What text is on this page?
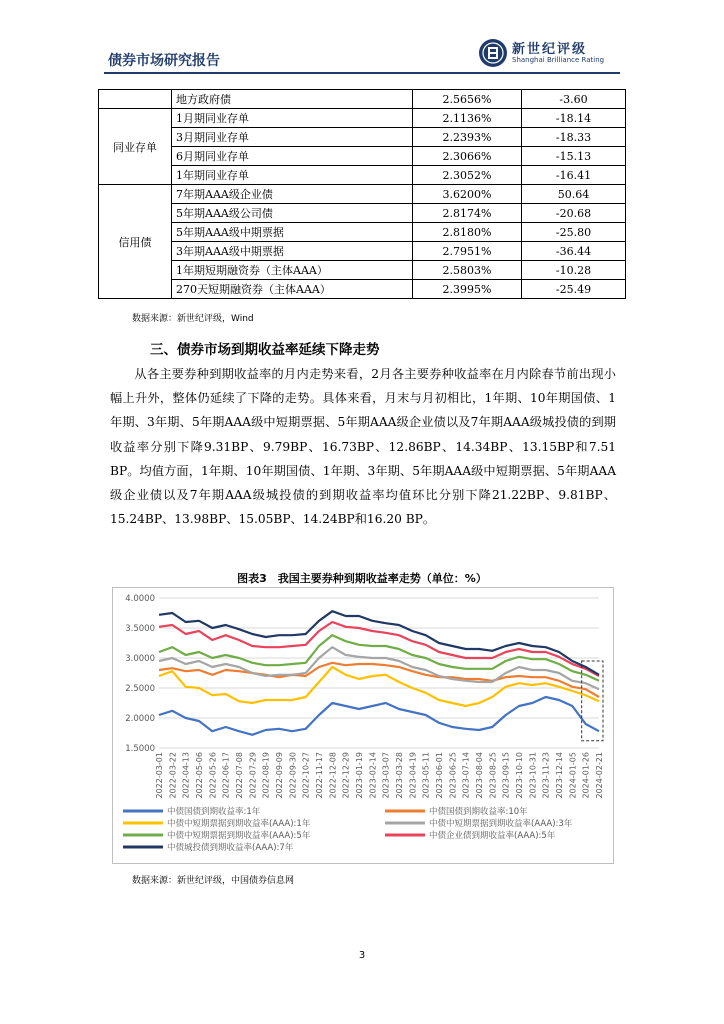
债券市场研究报告
新世纪评级
Shanghai Brilliance Rating
	地方政府债	2.5656%	-3.60
同业存单	1月期同业存单	2.1136%	-18.14
	3月期同业存单	2.2393%	-18.33
	6月期同业存单	2.3066%	-15.13
	1年期同业存单	2.3052%	-16.41
信用债	7年期AAA级企业债	3.6200%	50.64
	5年期AAA级公司债	2.8174%	-20.68
	5年期AAA级中期票据	2.8180%	-25.80
	3年期AAA级中期票据	2.7951%	-36.44
	1年期短期融资券（主体AAA）	2.5803%	-10.28
	270天短期融资券（主体AAA）	2.3995%	-25.49
数据来源：新世纪评级，Wind
三、债券市场到期收益率延续下降走势
从各主要券种到期收益率的月内走势来看，2月各主要券种收益率在月内除春节前出现小幅上升外，整体仍延续了下降的走势。具体来看，月末与月初相比，1年期、10年期国债、1年期、3年期、5年期AAA级中短期票据、5年期AAA级企业债以及7年期AAA级城投债的到期收益率分别下降9.31BP、9.79BP、16.73BP、12.86BP、14.34BP、13.15BP和7.51 BP。均值方面，1年期、10年期国债、1年期、3年期、5年期AAA级中短期票据、5年期AAA级企业债以及7年期AAA级城投债的到期收益率均值环比分别下降21.22BP、9.81BP、15.24BP、13.98BP、15.05BP、14.24BP和16.20 BP。
图表3　我国主要券种到期收益率走势（单位：%）
4.0000
3.5000
3.0000
2.5000
2.0000
1.5000
2022-03-01 2022-03-22 2022-04-13 2022-05-06 2022-05-26 2022-06-17 2022-07-08 2022-07-29 2022-08-19 2022-09-09 2022-09-30 2022-10-27 2022-11-17 2022-12-08 2022-12-29 2023-01-19 2023-02-14 2023-03-07 2023-03-28 2023-04-19 2023-05-11 2023-06-01 2023-06-25 2023-07-14 2023-08-04 2023-08-25 2023-09-15 2023-10-10 2023-10-31 2023-11-23 2023-12-14 2024-01-05 2024-01-26 2024-02-21
中债国债到期收益率:1年	中债国债到期收益率:10年
中债中短期票据到期收益率(AAA):1年	中债中短期票据到期收益率(AAA):3年
中债中短期票据到期收益率(AAA):5年	中债企业债到期收益率(AAA):5年
中债城投债到期收益率(AAA):7年
数据来源：新世纪评级，中国债券信息网
3
